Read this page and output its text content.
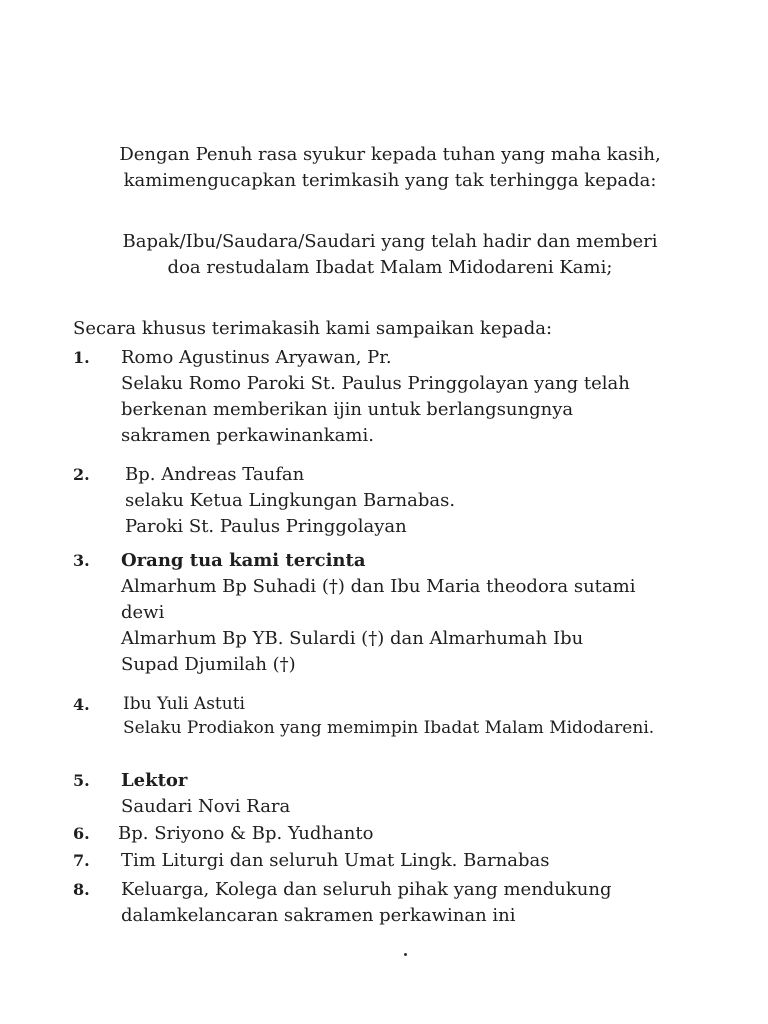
Dengan Penuh rasa syukur kepada tuhan yang maha kasih,
kamimengucapkan terimkasih yang tak terhingga kepada:
Bapak/Ibu/Saudara/Saudari yang telah hadir dan memberi
doa restudalam Ibadat Malam Midodareni Kami;
Secara khusus terimakasih kami sampaikan kepada:
1.	Romo Agustinus Aryawan, Pr.
Selaku Romo Paroki St. Paulus Pringgolayan yang telah
berkenan memberikan ijin untuk berlangsungnya
sakramen perkawinankami.
2.	Bp. Andreas Taufan
selaku Ketua Lingkungan Barnabas.
Paroki St. Paulus Pringgolayan
3.	Orang tua kami tercinta
Almarhum Bp Suhadi (†) dan Ibu Maria theodora sutami
dewi
Almarhum Bp YB. Sulardi (†) dan Almarhumah Ibu
Supad Djumilah (†)
4.	Ibu Yuli Astuti
Selaku Prodiakon yang memimpin Ibadat Malam Midodareni.
5.	Lektor
Saudari Novi Rara
6.	Bp. Sriyono & Bp. Yudhanto
7.	Tim Liturgi dan seluruh Umat Lingk. Barnabas
8.	Keluarga, Kolega dan seluruh pihak yang mendukung
dalamkelancaran sakramen perkawinan ini
